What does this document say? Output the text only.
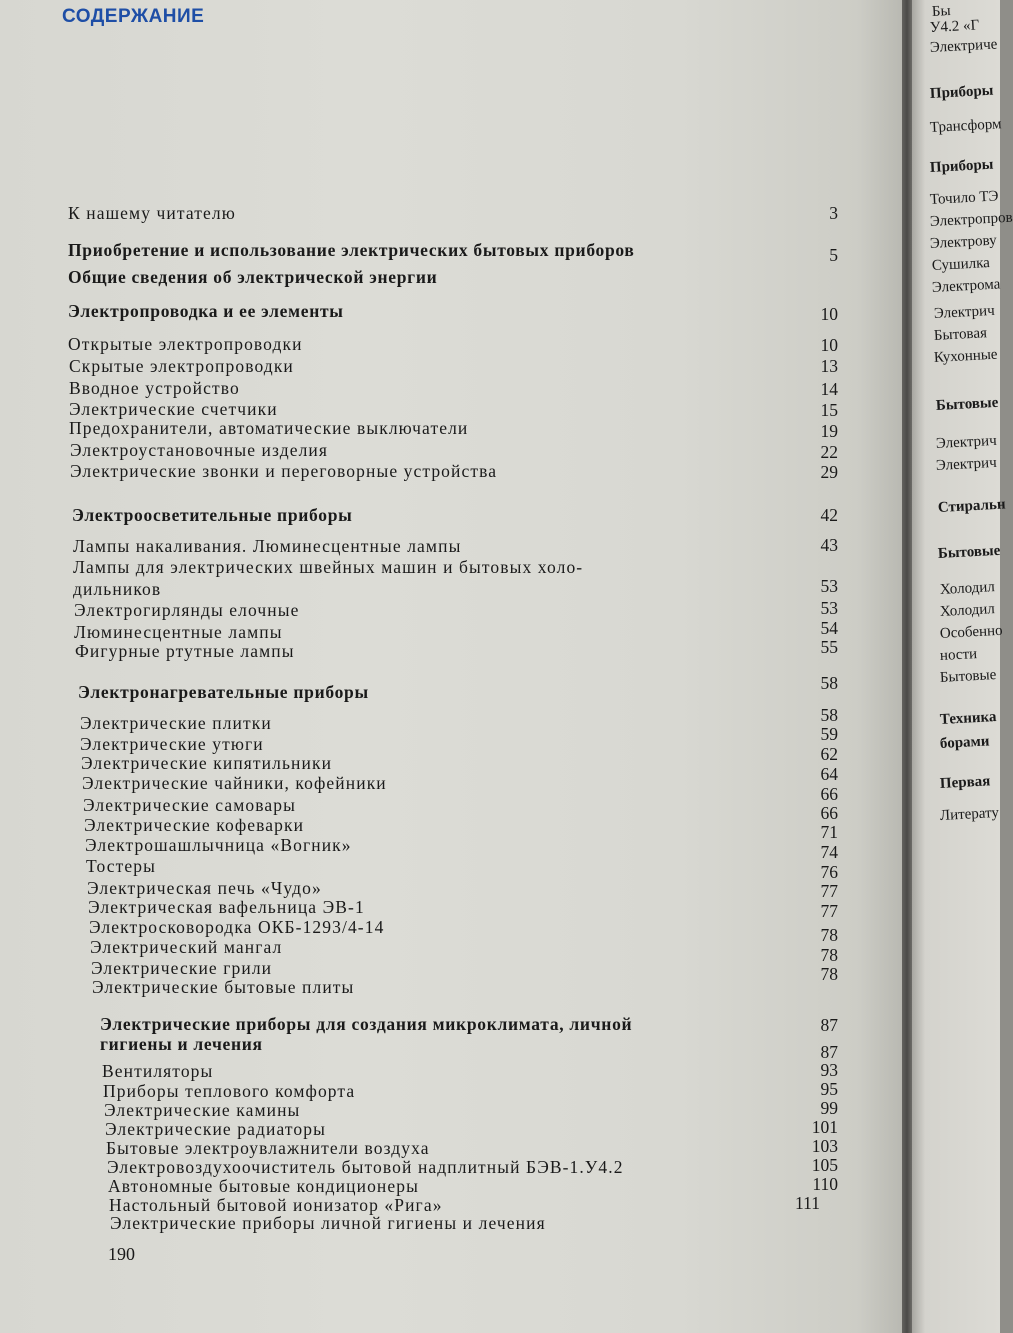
СОДЕРЖАНИЕ
К нашему читателю
Приобретение и использование электрических бытовых приборов
Общие сведения об электрической энергии
Электропроводка и ее элементы
Открытые электропроводки
Скрытые электропроводки
Вводное устройство
Электрические счетчики
Предохранители, автоматические выключатели
Электроустановочные изделия
Электрические звонки и переговорные устройства
Электроосветительные приборы
Лампы накаливания. Люминесцентные лампы
Лампы для электрических швейных машин и бытовых холо-
дильников
Электрогирлянды елочные
Люминесцентные лампы
Фигурные ртутные лампы
Электронагревательные приборы
Электрические плитки
Электрические утюги
Электрические кипятильники
Электрические чайники, кофейники
Электрические самовары
Электрические кофеварки
Электрошашлычница «Вогник»
Тостеры
Электрическая печь «Чудо»
Электрическая вафельница ЭВ-1
Электросковородка ОКБ-1293/4-14
Электрический мангал
Электрические грили
Электрические бытовые плиты
Электрические приборы для создания микроклимата, личной
гигиены и лечения
Вентиляторы
Приборы теплового комфорта
Электрические камины
Электрические радиаторы
Бытовые электроувлажнители воздуха
Электровоздухоочиститель бытовой надплитный БЭВ-1.У4.2
Автономные бытовые кондиционеры
Настольный бытовой ионизатор «Рига»
Электрические приборы личной гигиены и лечения
3
5
10
10
13
14
15
19
22
29
42
43
53
53
54
55
58
58
59
62
64
66
66
71
74
76
77
77
78
78
78
87
87
93
95
99
101
103
105
110
111
190
Бы
У4.2 «Г
Электриче
Приборы
Трансформ
Приборы
Точило ТЭ
Электропров
Электрову
Сушилка
Электрома
Электрич
Бытовая
Кухонные
Бытовые
Электрич
Электрич
Стиральн
Бытовые
Холодил
Холодил
Особенно
ности
Бытовые
Техника
борами
Первая
Литерату
